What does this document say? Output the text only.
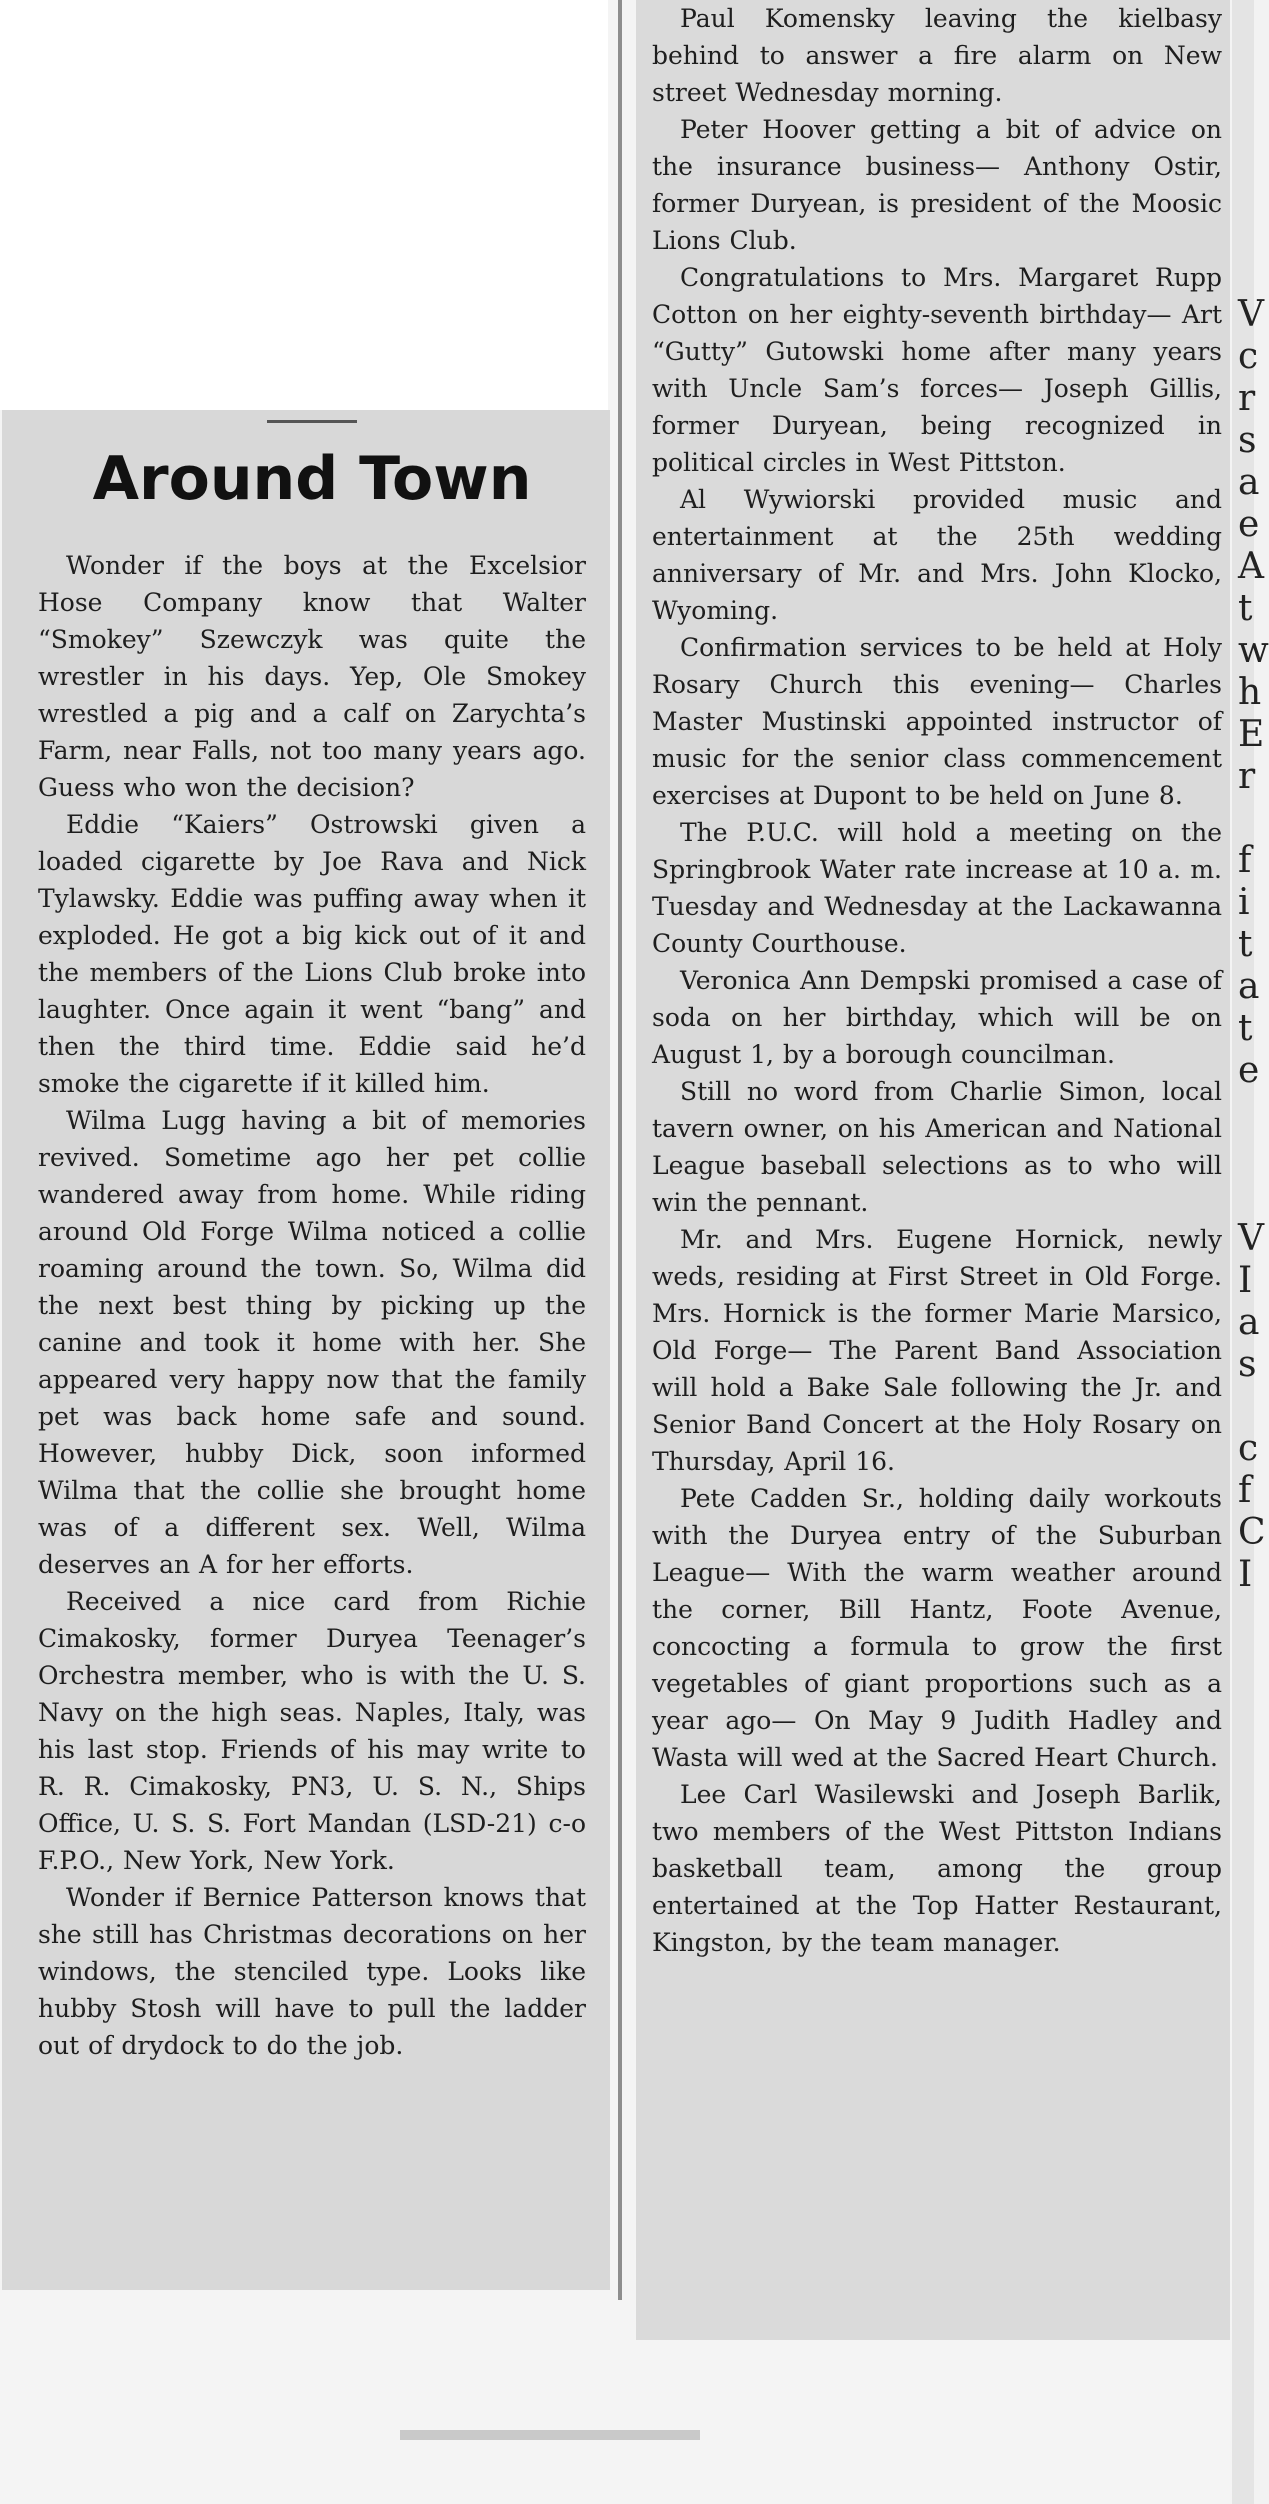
Around Town

Wonder if the boys at the Excelsior Hose Company know that Walter “Smokey” Szewczyk was quite the wrestler in his days. Yep, Ole Smokey wrestled a pig and a calf on Zarychta’s Farm, near Falls, not too many years ago. Guess who won the decision?

Eddie “Kaiers” Ostrowski given a loaded cigarette by Joe Rava and Nick Tylawsky. Eddie was puffing away when it exploded. He got a big kick out of it and the members of the Lions Club broke into laughter. Once again it went “bang” and then the third time. Eddie said he’d smoke the cigarette if it killed him.

Wilma Lugg having a bit of memories revived. Sometime ago her pet collie wandered away from home. While riding around Old Forge Wilma noticed a collie roaming around the town. So, Wilma did the next best thing by picking up the canine and took it home with her. She appeared very happy now that the family pet was back home safe and sound. However, hubby Dick, soon informed Wilma that the collie she brought home was of a different sex. Well, Wilma deserves an A for her efforts.

Received a nice card from Richie Cimakosky, former Duryea Teenager’s Orchestra member, who is with the U. S. Navy on the high seas. Naples, Italy, was his last stop. Friends of his may write to R. R. Cimakosky, PN3, U. S. N., Ships Office, U. S. S. Fort Mandan (LSD-21) c-o F.P.O., New York, New York.

Wonder if Bernice Patterson knows that she still has Christmas decorations on her windows, the stenciled type. Looks like hubby Stosh will have to pull the ladder out of drydock to do the job.

Paul Komensky leaving the kielbasy behind to answer a fire alarm on New street Wednesday morning.

Peter Hoover getting a bit of advice on the insurance business— Anthony Ostir, former Duryean, is president of the Moosic Lions Club.

Congratulations to Mrs. Margaret Rupp Cotton on her eighty-seventh birthday— Art “Gutty” Gutowski home after many years with Uncle Sam’s forces— Joseph Gillis, former Duryean, being recognized in political circles in West Pittston.

Al Wywiorski provided music and entertainment at the 25th wedding anniversary of Mr. and Mrs. John Klocko, Wyoming.

Confirmation services to be held at Holy Rosary Church this evening— Charles Master Mustinski appointed instructor of music for the senior class commencement exercises at Dupont to be held on June 8.

The P.U.C. will hold a meeting on the Springbrook Water rate increase at 10 a. m. Tuesday and Wednesday at the Lackawanna County Courthouse.

Veronica Ann Dempski promised a case of soda on her birthday, which will be on August 1, by a borough councilman.

Still no word from Charlie Simon, local tavern owner, on his American and National League baseball selections as to who will win the pennant.

Mr. and Mrs. Eugene Hornick, newly weds, residing at First Street in Old Forge. Mrs. Hornick is the former Marie Marsico, Old Forge— The Parent Band Association will hold a Bake Sale following the Jr. and Senior Band Concert at the Holy Rosary on Thursday, April 16.

Pete Cadden Sr., holding daily workouts with the Duryea entry of the Suburban League— With the warm weather around the corner, Bill Hantz, Foote Avenue, concocting a formula to grow the first vegetables of giant proportions such as a year ago— On May 9 Judith Hadley and Wasta will wed at the Sacred Heart Church.

Lee Carl Wasilewski and Joseph Barlik, two members of the West Pittston Indians basketball team, among the group entertained at the Top Hatter Restaurant, Kingston, by the team manager.

V
c
r
s
a
e
A
t
w
h
E
r
f
i
t
a
t
e
V
I
a
s
c
f
C
I
